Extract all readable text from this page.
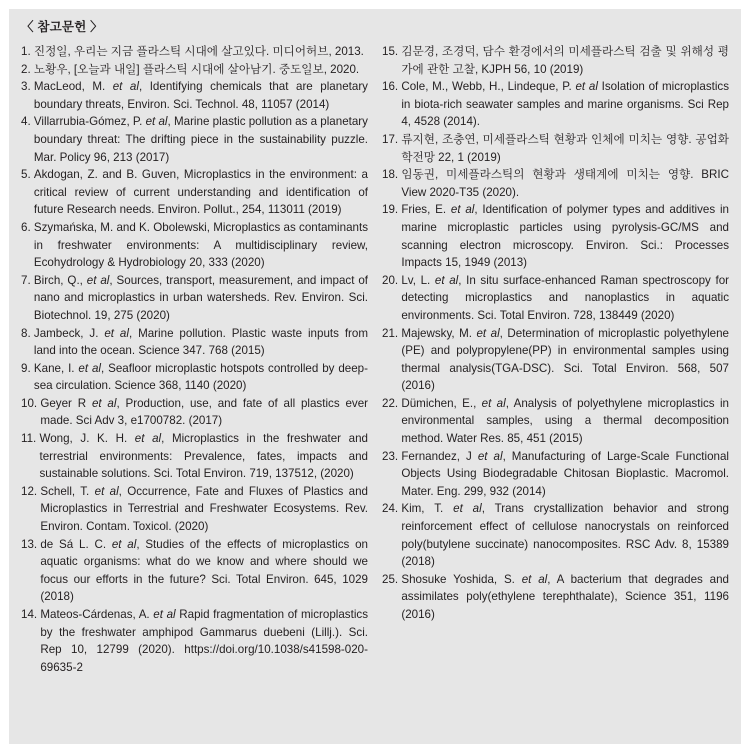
〈 참고문헌 〉
1. 진정일, 우리는 지금 플라스틱 시대에 살고있다. 미디어허브, 2013.
2. 노황우, [오늘과 내일] 플라스틱 시대에 살아남기. 중도일보, 2020.
3. MacLeod, M. et al, Identifying chemicals that are planetary boundary threats, Environ. Sci. Technol. 48, 11057 (2014)
4. Villarrubia-Gómez, P. et al, Marine plastic pollution as a planetary boundary threat: The drifting piece in the sustainability puzzle. Mar. Policy 96, 213 (2017)
5. Akdogan, Z. and B. Guven, Microplastics in the environment: a critical review of current understanding and identification of future Research needs. Environ. Pollut., 254, 113011 (2019)
6. Szymańska, M. and K. Obolewski, Microplastics as contaminants in freshwater environments: A multidisciplinary review, Ecohydrology & Hydrobiology 20, 333 (2020)
7. Birch, Q., et al, Sources, transport, measurement, and impact of nano and microplastics in urban watersheds. Rev. Environ. Sci. Biotechnol. 19, 275 (2020)
8. Jambeck, J. et al, Marine pollution. Plastic waste inputs from land into the ocean. Science 347. 768 (2015)
9. Kane, I. et al, Seafloor microplastic hotspots controlled by deep-sea circulation. Science 368, 1140 (2020)
10. Geyer R et al, Production, use, and fate of all plastics ever made. Sci Adv 3, e1700782. (2017)
11. Wong, J. K. H. et al, Microplastics in the freshwater and terrestrial environments: Prevalence, fates, impacts and sustainable solutions. Sci. Total Environ. 719, 137512, (2020)
12. Schell, T. et al, Occurrence, Fate and Fluxes of Plastics and Microplastics in Terrestrial and Freshwater Ecosystems. Rev. Environ. Contam. Toxicol. (2020)
13. de Sá L. C. et al, Studies of the effects of microplastics on aquatic organisms: what do we know and where should we focus our efforts in the future? Sci. Total Environ. 645, 1029 (2018)
14. Mateos-Cárdenas, A. et al Rapid fragmentation of microplastics by the freshwater amphipod Gammarus duebeni (Lillj.). Sci. Rep 10, 12799 (2020). https://doi.org/10.1038/s41598-020-69635-2
15. 김문경, 조경덕, 담수 환경에서의 미세플라스틱 검출 및 위해성 평가에 관한 고찰, KJPH 56, 10 (2019)
16. Cole, M., Webb, H., Lindeque, P. et al Isolation of microplastics in biota-rich seawater samples and marine organisms. Sci Rep 4, 4528 (2014).
17. 류지현, 조충연, 미세플라스틱 현황과 인체에 미치는 영향. 공업화학전망 22, 1 (2019)
18. 임동권, 미세플라스틱의 현황과 생태계에 미치는 영향. BRIC View 2020-T35 (2020).
19. Fries, E. et al, Identification of polymer types and additives in marine microplastic particles using pyrolysis-GC/MS and scanning electron microscopy. Environ. Sci.: Processes Impacts 15, 1949 (2013)
20. Lv, L. et al, In situ surface-enhanced Raman spectroscopy for detecting microplastics and nanoplastics in aquatic environments. Sci. Total Environ. 728, 138449 (2020)
21. Majewsky, M. et al, Determination of microplastic polyethylene (PE) and polypropylene(PP) in environmental samples using thermal analysis(TGA-DSC). Sci. Total Environ. 568, 507 (2016)
22. Dümichen, E., et al, Analysis of polyethylene microplastics in environmental samples, using a thermal decomposition method. Water Res. 85, 451 (2015)
23. Fernandez, J et al, Manufacturing of Large-Scale Functional Objects Using Biodegradable Chitosan Bioplastic. Macromol. Mater. Eng. 299, 932 (2014)
24. Kim, T. et al, Trans crystallization behavior and strong reinforcement effect of cellulose nanocrystals on reinforced poly(butylene succinate) nanocomposites. RSC Adv. 8, 15389 (2018)
25. Shosuke Yoshida, S. et al, A bacterium that degrades and assimilates poly(ethylene terephthalate), Science 351, 1196 (2016)
